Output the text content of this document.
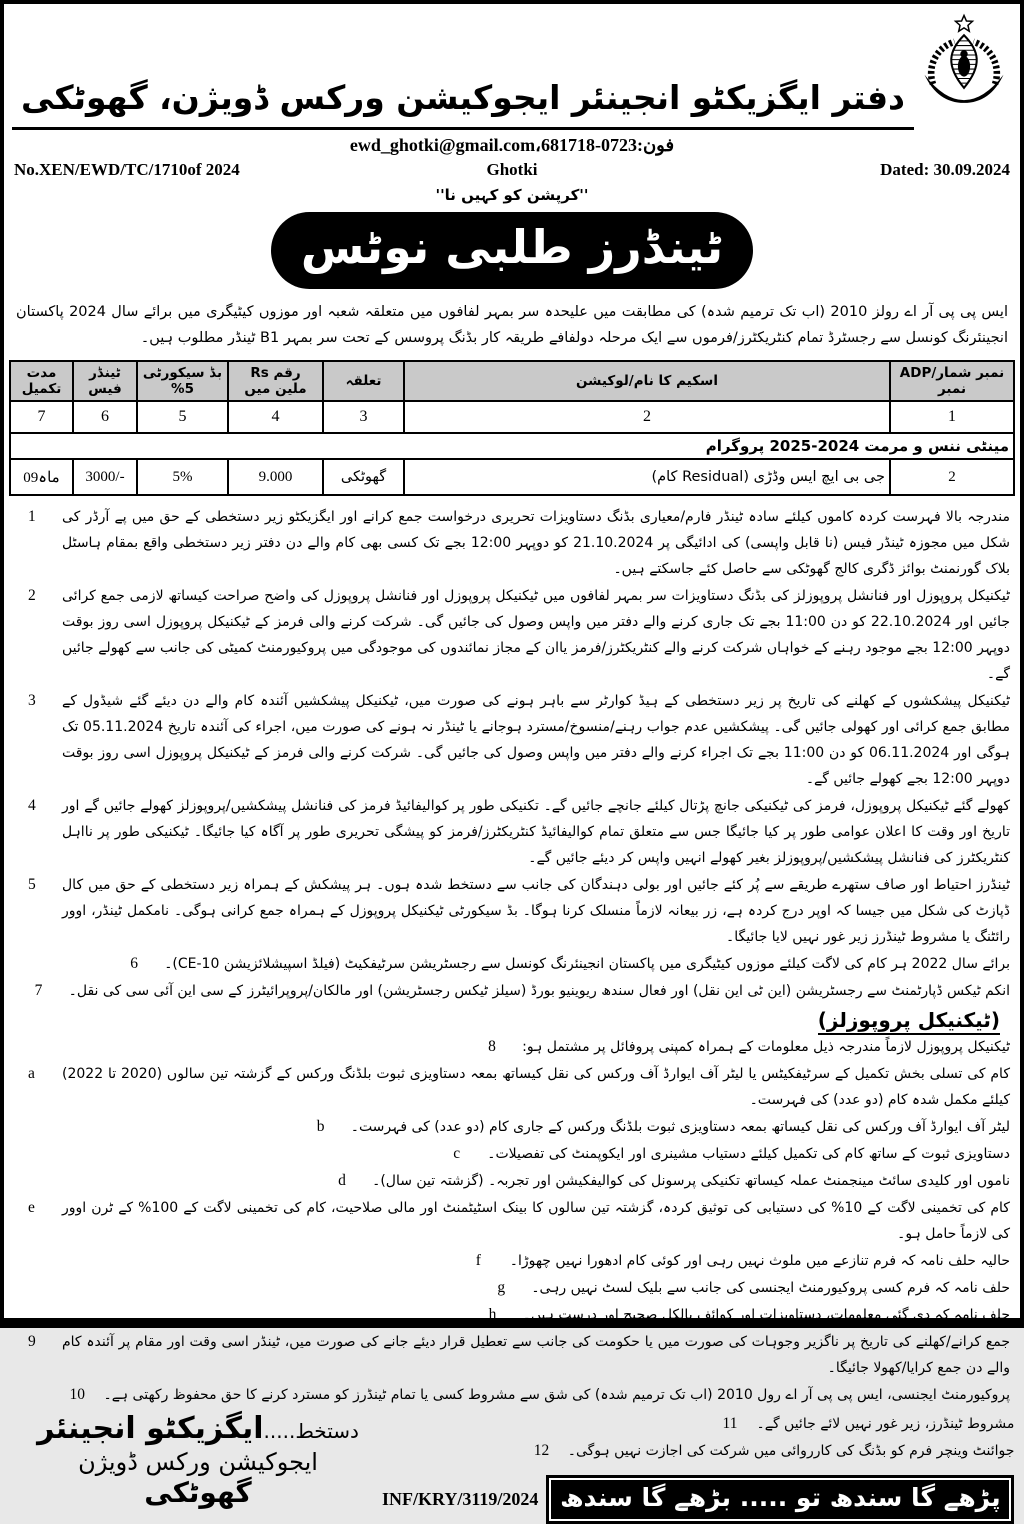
دفتر ایگزیکٹو انجینئر ایجوکیشن ورکس ڈویژن، گھوٹکی
فون:0723-681718،ewd_ghotki@gmail.com
No.XEN/EWD/TC/1710of 2024	Ghotki	Dated: 30.09.2024
''کرپشن کو کہیں نا''
ٹینڈرز طلبی نوٹس
ایس پی پی آر اے رولز 2010 (اب تک ترمیم شدہ) کی مطابقت میں علیحدہ سر بمہر لفافوں میں متعلقہ شعبہ اور موزوں کیٹیگری میں برائے سال 2024 پاکستان انجینئرنگ کونسل سے رجسٹرڈ تمام کنٹریکٹرز/فرموں سے ایک مرحلہ دولفافے طریقہ کار بڈنگ پروسس کے تحت سر بمہر B1 ٹینڈر مطلوب ہیں۔
نمبر شمار/ADP نمبر	اسکیم کا نام/لوکیشن	تعلقہ	رقم Rs ملین میں	بڈ سیکورٹی 5%	ٹینڈر فیس	مدت تکمیل
1	2	3	4	5	6	7
مینٹی ننس و مرمت 2024-2025 پروگرام						
2	جی بی ایچ ایس وڈڑی (Residual کام)	گھوٹکی	9.000	5%	3000/-	09ماہ
1	مندرجہ بالا فہرست کردہ کاموں کیلئے سادہ ٹینڈر فارم/معیاری بڈنگ دستاویزات تحریری درخواست جمع کرانے اور ایگزیکٹو زیر دستخطی کے حق میں پے آرڈر کی شکل میں مجوزہ ٹینڈر فیس (نا قابل واپسی) کی ادائیگی پر 21.10.2024 کو دوپہر 12:00 بجے تک کسی بھی کام والے دن دفتر زیر دستخطی واقع بمقام ہاسٹل بلاک گورنمنٹ بوائز ڈگری کالج گھوٹکی سے حاصل کئے جاسکتے ہیں۔
2	ٹیکنیکل پروپوزل اور فنانشل پروپوزلز کی بڈنگ دستاویزات سر بمہر لفافوں میں ٹیکنیکل پروپوزل اور فنانشل پروپوزل کی واضح صراحت کیساتھ لازمی جمع کرائی جائیں اور 22.10.2024 کو دن 11:00 بجے تک جاری کرنے والے دفتر میں واپس وصول کی جائیں گی۔ شرکت کرنے والی فرمز کے ٹیکنیکل پروپوزل اسی روز بوقت دوپہر 12:00 بجے موجود رہنے کے خواہاں شرکت کرنے والے کنٹریکٹرز/فرمز یاان کے مجاز نمائندوں کی موجودگی میں پروکیورمنٹ کمیٹی کی جانب سے کھولے جائیں گے۔
3	ٹیکنیکل پیشکشوں کے کھلنے کی تاریخ پر زیر دستخطی کے ہیڈ کوارٹر سے باہر ہونے کی صورت میں، ٹیکنیکل پیشکشیں آئندہ کام والے دن دیئے گئے شیڈول کے مطابق جمع کرائی اور کھولی جائیں گی۔ پیشکشیں عدم جواب رہنے/منسوخ/مسترد ہوجانے یا ٹینڈر نہ ہونے کی صورت میں، اجراء کی آئندہ تاریخ 05.11.2024 تک ہوگی اور 06.11.2024 کو دن 11:00 بجے تک اجراء کرنے والے دفتر میں واپس وصول کی جائیں گی۔ شرکت کرنے والی فرمز کے ٹیکنیکل پروپوزل اسی روز بوقت دوپہر 12:00 بجے کھولے جائیں گے۔
4	کھولے گئے ٹیکنیکل پروپوزل، فرمز کی ٹیکنیکی جانچ پڑتال کیلئے جانچے جائیں گے۔ تکنیکی طور پر کوالیفائیڈ فرمز کی فنانشل پیشکشیں/پروپوزلز کھولے جائیں گے اور تاریخ اور وقت کا اعلان عوامی طور پر کیا جائیگا جس سے متعلق تمام کوالیفائیڈ کنٹریکٹرز/فرمز کو پیشگی تحریری طور پر آگاہ کیا جائیگا۔ ٹیکنیکی طور پر نااہل کنٹریکٹرز کی فنانشل پیشکشیں/پروپوزلز بغیر کھولے انہیں واپس کر دیئے جائیں گے۔
5	ٹینڈرز احتیاط اور صاف ستھرے طریقے سے پُر کئے جائیں اور بولی دہندگان کی جانب سے دستخط شدہ ہوں۔ ہر پیشکش کے ہمراہ زیر دستخطی کے حق میں کال ڈپازٹ کی شکل میں جیسا کہ اوپر درج کردہ ہے، زر بیعانہ لازماً منسلک کرنا ہوگا۔ بڈ سیکورٹی ٹیکنیکل پروپوزل کے ہمراہ جمع کرانی ہوگی۔ نامکمل ٹینڈر، اوور رائٹنگ یا مشروط ٹینڈرز زیر غور نہیں لایا جائیگا۔
6	برائے سال 2022 ہر کام کی لاگت کیلئے موزوں کیٹیگری میں پاکستان انجینئرنگ کونسل سے رجسٹریشن سرٹیفکیٹ (فیلڈ اسپیشلائزیشن CE-10)۔
7	انکم ٹیکس ڈپارٹمنٹ سے رجسٹریشن (این ٹی این نقل) اور فعال سندھ ریوینیو بورڈ (سیلز ٹیکس رجسٹریشن) اور مالکان/پروپرائیٹرز کے سی این آئی سی کی نقل۔
(ٹیکنیکل پروپوزلز)
8	ٹیکنیکل پروپوزل لازماً مندرجہ ذیل معلومات کے ہمراہ کمپنی پروفائل پر مشتمل ہو:
a	کام کی تسلی بخش تکمیل کے سرٹیفکیٹس یا لیٹر آف ایوارڈ آف ورکس کی نقل کیساتھ بمعہ دستاویزی ثبوت بلڈنگ ورکس کے گزشتہ تین سالوں (2020 تا 2022) کیلئے مکمل شدہ کام (دو عدد) کی فہرست۔
b	لیٹر آف ایوارڈ آف ورکس کی نقل کیساتھ بمعہ دستاویزی ثبوت بلڈنگ ورکس کے جاری کام (دو عدد) کی فہرست۔
c	دستاویزی ثبوت کے ساتھ کام کی تکمیل کیلئے دستیاب مشینری اور ایکوپمنٹ کی تفصیلات۔
d	ناموں اور کلیدی سائٹ مینجمنٹ عملہ کیساتھ تکنیکی پرسونل کی کوالیفکیشن اور تجربہ۔ (گزشتہ تین سال)۔
e	کام کی تخمینی لاگت کے 10% کی دستیابی کی توثیق کردہ، گزشتہ تین سالوں کا بینک اسٹیٹمنٹ اور مالی صلاحیت، کام کی تخمینی لاگت کے 100% کے ٹرن اوور کی لازماً حامل ہو۔
f	حالیہ حلف نامہ کہ فرم تنازعے میں ملوث نہیں رہی اور کوئی کام ادھورا نہیں چھوڑا۔
g	حلف نامہ کہ فرم کسی پروکیورمنٹ ایجنسی کی جانب سے بلیک لسٹ نہیں رہی۔
h	حلف نامہ کہ دی گئی معلومات، دستاویزات اور کوائف بالکل صحیح اور درست ہیں۔
9	جمع کرانے/کھلنے کی تاریخ پر ناگزیر وجوہات کی صورت میں یا حکومت کی جانب سے تعطیل قرار دیئے جانے کی صورت میں، ٹینڈر اسی وقت اور مقام پر آئندہ کام والے دن جمع کرایا/کھولا جائیگا۔
10	پروکیورمنٹ ایجنسی، ایس پی پی آر اے رول 2010 (اب تک ترمیم شدہ) کی شق سے مشروط کسی یا تمام ٹینڈرز کو مسترد کرنے کا حق محفوظ رکھتی ہے۔
دستخط.....ایگزیکٹو انجینئر
ایجوکیشن ورکس ڈویژن
گھوٹکی
11	مشروط ٹینڈرز، زیر غور نہیں لائے جائیں گے۔
12	جوائنٹ وینچر فرم کو بڈنگ کی کارروائی میں شرکت کی اجازت نہیں ہوگی۔
INF/KRY/3119/2024 پڑھے گا سندھ تو ..... بڑھے گا سندھ
